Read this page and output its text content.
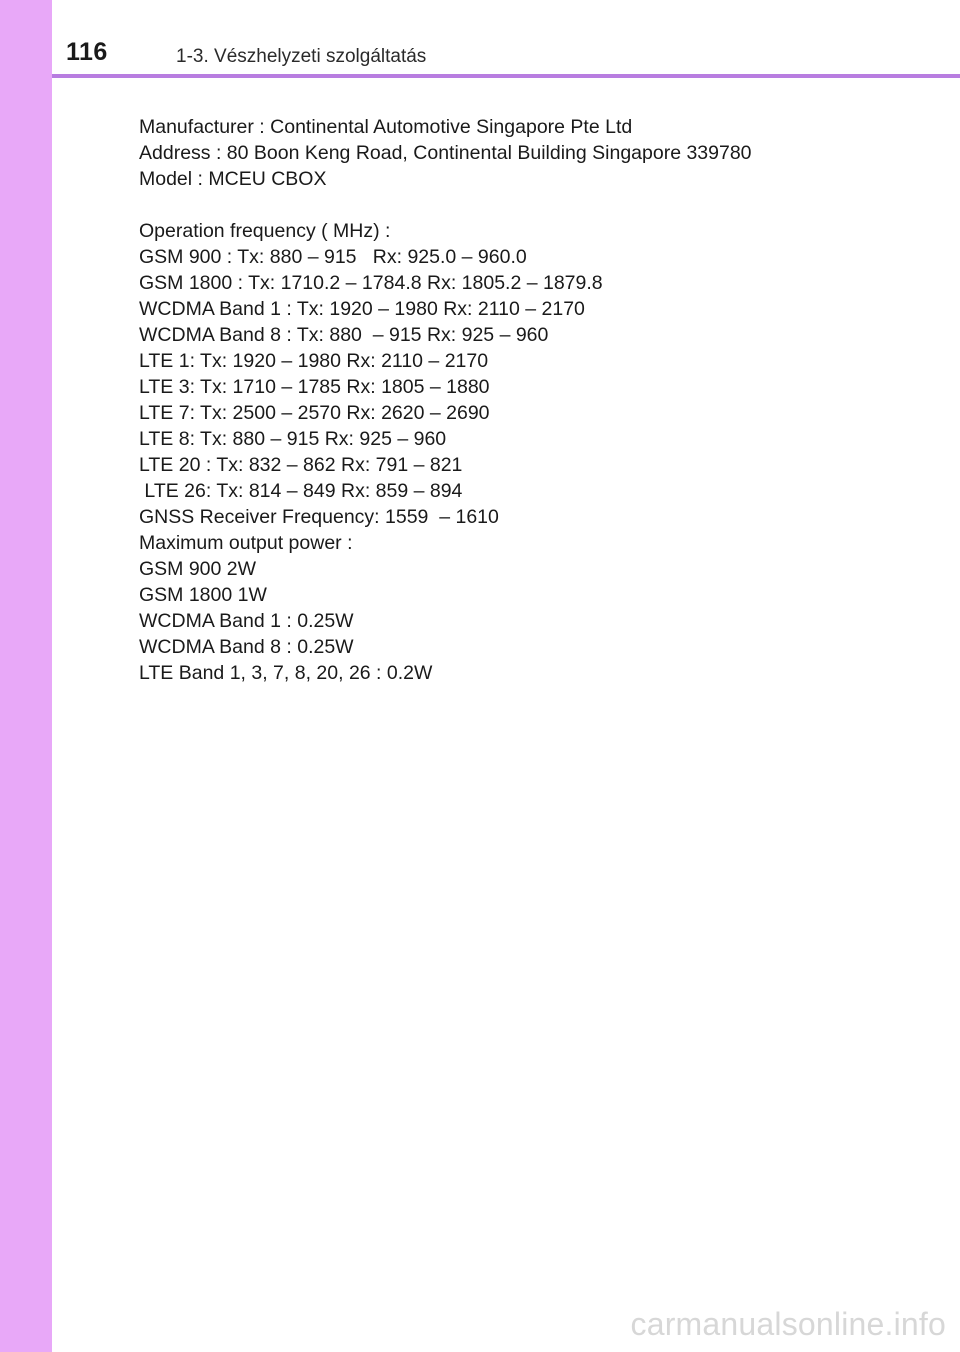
116	1-3. Vészhelyzeti szolgáltatás
Manufacturer : Continental Automotive Singapore Pte Ltd
Address : 80 Boon Keng Road, Continental Building Singapore 339780
Model : MCEU CBOX
Operation frequency ( MHz) :
GSM 900 : Tx: 880 – 915   Rx: 925.0 – 960.0
GSM 1800 : Tx: 1710.2 – 1784.8 Rx: 1805.2 – 1879.8
WCDMA Band 1 : Tx: 1920 – 1980 Rx: 2110 – 2170
WCDMA Band 8 : Tx: 880  – 915 Rx: 925 – 960
LTE 1: Tx: 1920 – 1980 Rx: 2110 – 2170
LTE 3: Tx: 1710 – 1785 Rx: 1805 – 1880
LTE 7: Tx: 2500 – 2570 Rx: 2620 – 2690
LTE 8: Tx: 880 – 915 Rx: 925 – 960
LTE 20 : Tx: 832 – 862 Rx: 791 – 821
LTE 26: Tx: 814 – 849 Rx: 859 – 894
GNSS Receiver Frequency: 1559  – 1610
Maximum output power :
GSM 900 2W
GSM 1800 1W
WCDMA Band 1 : 0.25W
WCDMA Band 8 : 0.25W
LTE Band 1, 3, 7, 8, 20, 26 : 0.2W
carmanualsonline.info
